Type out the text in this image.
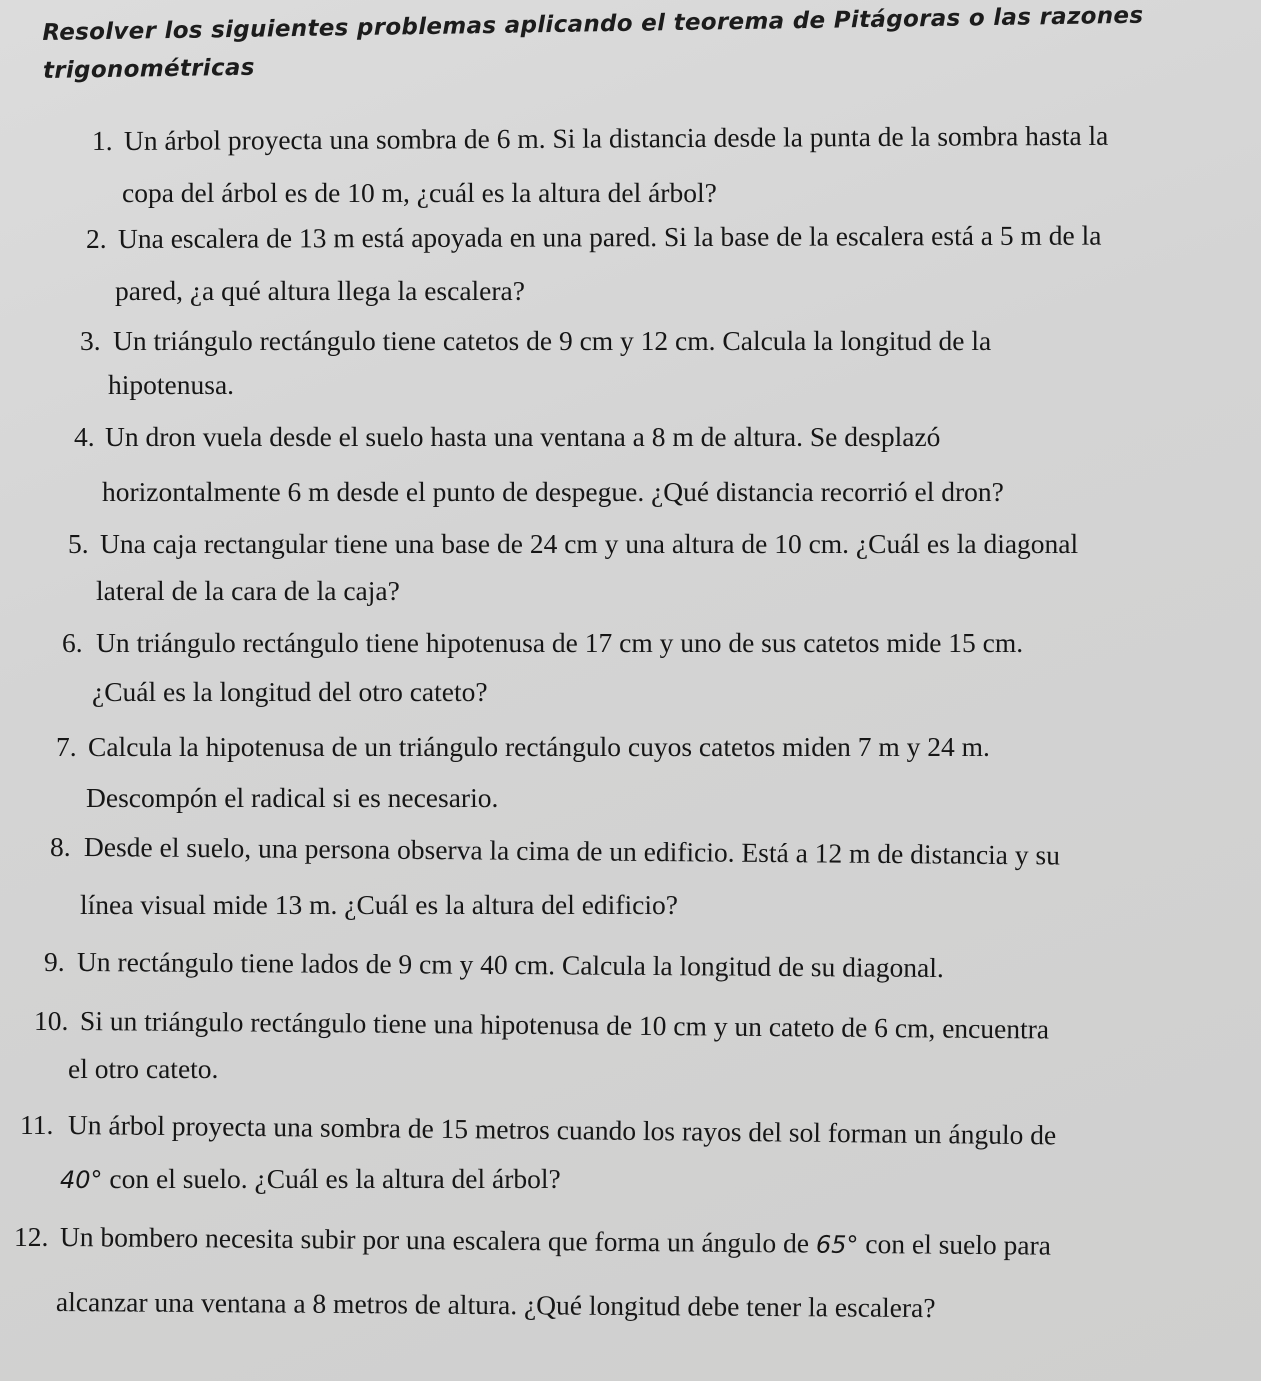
Resolver los siguientes problemas aplicando el teorema de Pitágoras o las razones
trigonométricas
1. Un árbol proyecta una sombra de 6 m. Si la distancia desde la punta de la sombra hasta la
copa del árbol es de 10 m, ¿cuál es la altura del árbol?
2. Una escalera de 13 m está apoyada en una pared. Si la base de la escalera está a 5 m de la
pared, ¿a qué altura llega la escalera?
3. Un triángulo rectángulo tiene catetos de 9 cm y 12 cm. Calcula la longitud de la
hipotenusa.
4. Un dron vuela desde el suelo hasta una ventana a 8 m de altura. Se desplazó
horizontalmente 6 m desde el punto de despegue. ¿Qué distancia recorrió el dron?
5. Una caja rectangular tiene una base de 24 cm y una altura de 10 cm. ¿Cuál es la diagonal
lateral de la cara de la caja?
6. Un triángulo rectángulo tiene hipotenusa de 17 cm y uno de sus catetos mide 15 cm.
¿Cuál es la longitud del otro cateto?
7. Calcula la hipotenusa de un triángulo rectángulo cuyos catetos miden 7 m y 24 m.
Descompón el radical si es necesario.
8. Desde el suelo, una persona observa la cima de un edificio. Está a 12 m de distancia y su
línea visual mide 13 m. ¿Cuál es la altura del edificio?
9. Un rectángulo tiene lados de 9 cm y 40 cm. Calcula la longitud de su diagonal.
10. Si un triángulo rectángulo tiene una hipotenusa de 10 cm y un cateto de 6 cm, encuentra
el otro cateto.
11. Un árbol proyecta una sombra de 15 metros cuando los rayos del sol forman un ángulo de
40° con el suelo. ¿Cuál es la altura del árbol?
12. Un bombero necesita subir por una escalera que forma un ángulo de 65° con el suelo para
alcanzar una ventana a 8 metros de altura. ¿Qué longitud debe tener la escalera?
